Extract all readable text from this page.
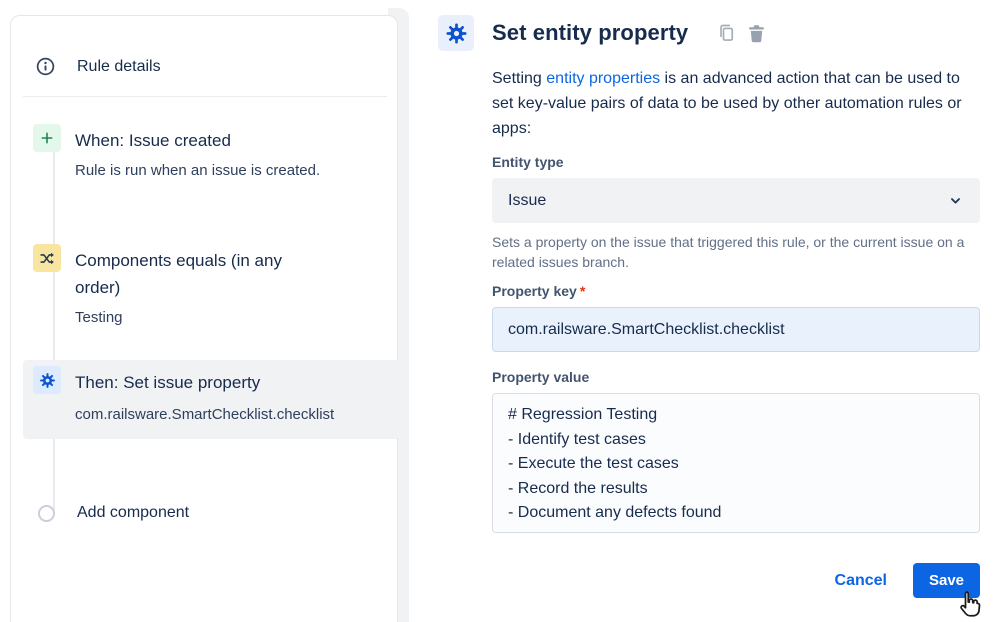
Rule details
When: Issue created
Rule is run when an issue is created.
Components equals (in any order)
Testing
Then: Set issue property
com.railsware.SmartChecklist.checklist
Add component
Set entity property

Setting entity properties is an advanced action that can be used to set key-value pairs of data to be used by other automation rules or apps:

Entity type
Issue
Sets a property on the issue that triggered this rule, or the current issue on a related issues branch.
Property key *
com.railsware.SmartChecklist.checklist
Property value
# Regression Testing - Identify test cases - Execute the test cases - Record the results - Document any defects found
Cancel	Save
